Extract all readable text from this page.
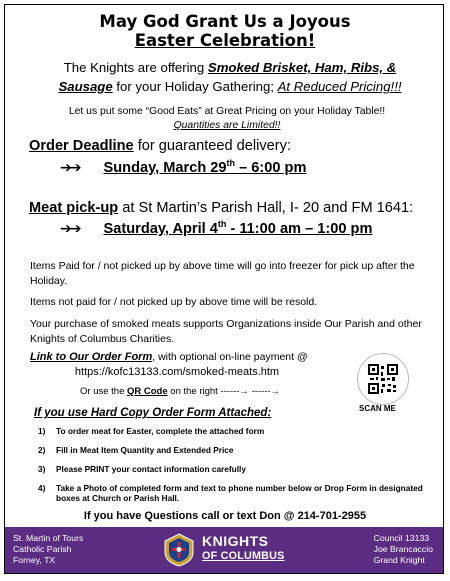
May God Grant Us a Joyous
Easter Celebration!
The Knights are offering Smoked Brisket, Ham, Ribs, & Sausage for your Holiday Gathering; At Reduced Pricing!!!
Let us put some “Good Eats” at Great Pricing on your Holiday Table!!
Quantities are Limited!!
Order Deadline for guaranteed delivery:
➔➔ Sunday, March 29th – 6:00 pm
Meat pick-up at St Martin’s Parish Hall, I- 20 and FM 1641:
➔➔ Saturday, April 4th - 11:00 am – 1:00 pm
Items Paid for / not picked up by above time will go into freezer for pick up after the Holiday.
Items not paid for / not picked up by above time will be resold.
Your purchase of smoked meats supports Organizations inside Our Parish and other Knights of Columbus Charities.
Link to Our Order Form, with optional on-line payment @
https://kofc13133.com/smoked-meats.htm
Or use the QR Code on the right ------→ ------→
SCAN ME
If you use Hard Copy Order Form Attached:
1)	To order meat for Easter, complete the attached form
2)	Fill in Meat Item Quantity and Extended Price
3)	Please PRINT your contact information carefully
4)	Take a Photo of completed form and text to phone number below or Drop Form in designated boxes at Church or Parish Hall.
If you have Questions call or text Don @ 214-701-2955
St. Martin of Tours
Catholic Parish
Forney, TX
KNIGHTS
OF COLUMBUS
Council 13133
Joe Brancaccio
Grand Knight
